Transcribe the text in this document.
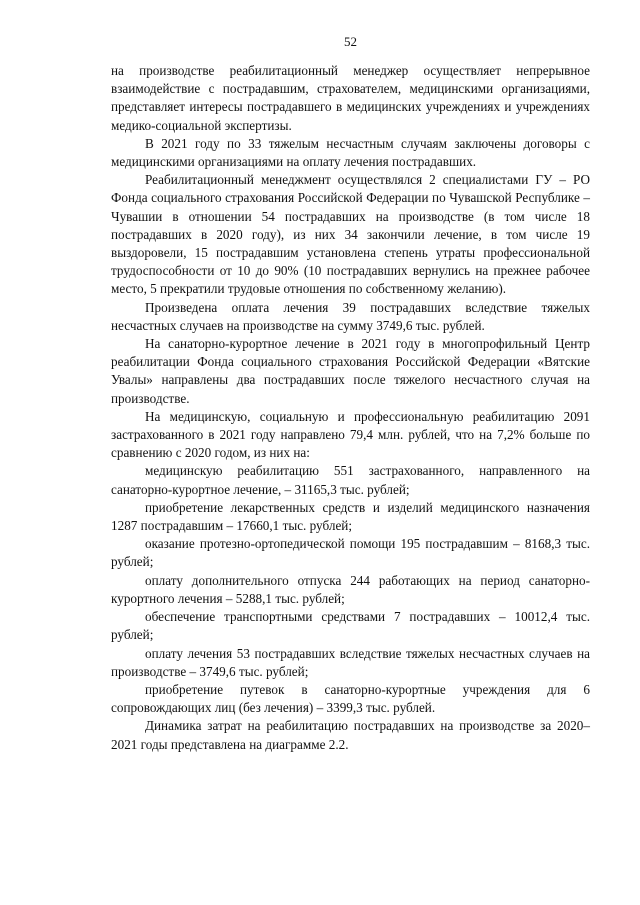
52

на производстве реабилитационный менеджер осуществляет непрерывное взаимодействие с пострадавшим, страхователем, медицинскими организациями, представляет интересы пострадавшего в медицинских учреждениях и учреждениях медико-социальной экспертизы.

В 2021 году по 33 тяжелым несчастным случаям заключены договоры с медицинскими организациями на оплату лечения пострадавших.

Реабилитационный менеджмент осуществлялся 2 специалистами ГУ – РО Фонда социального страхования Российской Федерации по Чувашской Республике – Чувашии в отношении 54 пострадавших на производстве (в том числе 18 пострадавших в 2020 году), из них 34 закончили лечение, в том числе 19 выздоровели, 15 пострадавшим установлена степень утраты профессиональной трудоспособности от 10 до 90% (10 пострадавших вернулись на прежнее рабочее место, 5 прекратили трудовые отношения по собственному желанию).

Произведена оплата лечения 39 пострадавших вследствие тяжелых несчастных случаев на производстве на сумму 3749,6 тыс. рублей.

На санаторно-курортное лечение в 2021 году в многопрофильный Центр реабилитации Фонда социального страхования Российской Федерации «Вятские Увалы» направлены два пострадавших после тяжелого несчастного случая на производстве.

На медицинскую, социальную и профессиональную реабилитацию 2091 застрахованного в 2021 году направлено 79,4 млн. рублей, что на 7,2% больше по сравнению с 2020 годом, из них на:

медицинскую реабилитацию 551 застрахованного, направленного на санаторно-курортное лечение, – 31165,3 тыс. рублей;

приобретение лекарственных средств и изделий медицинского назначения 1287 пострадавшим – 17660,1 тыс. рублей;

оказание протезно-ортопедической помощи 195 пострадавшим – 8168,3 тыс. рублей;

оплату дополнительного отпуска 244 работающих на период санаторно-курортного лечения – 5288,1 тыс. рублей;

обеспечение транспортными средствами 7 пострадавших – 10012,4 тыс. рублей;

оплату лечения 53 пострадавших вследствие тяжелых несчастных случаев на производстве – 3749,6 тыс. рублей;

приобретение путевок в санаторно-курортные учреждения для 6 сопровождающих лиц (без лечения) – 3399,3 тыс. рублей.

Динамика затрат на реабилитацию пострадавших на производстве за 2020–2021 годы представлена на диаграмме 2.2.
